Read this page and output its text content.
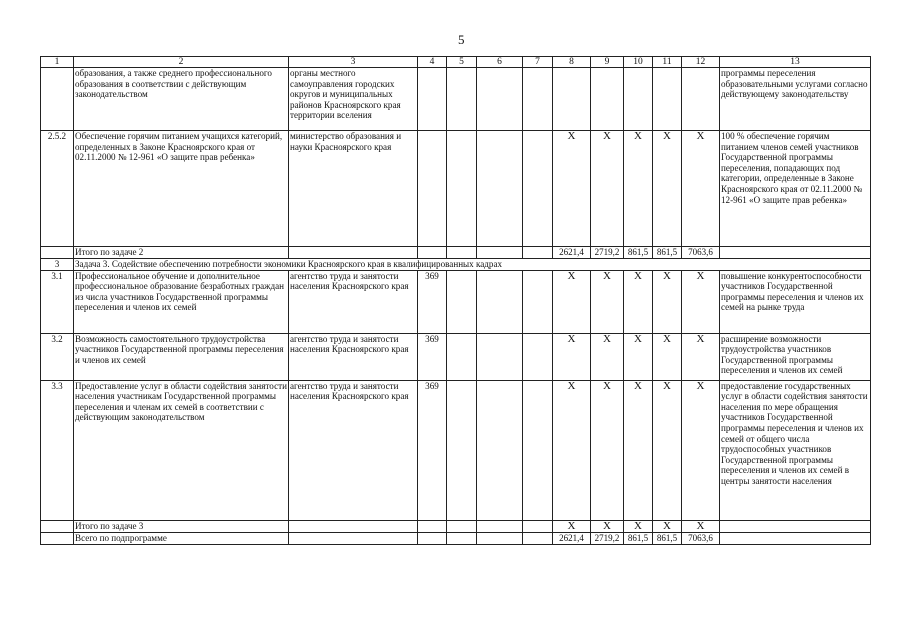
5
1	2	3	4	5	6	7	8	9	10	11	12	13
	образования, а также среднего профессионального образования в соответствии с действующим законодательством	органы местного самоуправления городских округов и муниципальных районов Красноярского края территории вселения										программы переселения образовательными услугами согласно действующему законодательству
2.5.2	Обеспечение горячим питанием учащихся категорий, определенных в Законе Красноярского края от 02.11.2000 № 12-961 «О защите прав ребенка»	министерство образования и науки Красноярского края					X	X	X	X	X	100 % обеспечение горячим питанием членов семей участников Государственной программы переселения, попадающих под категории, определенные в Законе Красноярского края от 02.11.2000 № 12-961 «О защите прав ребенка»
	Итого по задаче 2						2621,4	2719,2	861,5	861,5	7063,6	
3	Задача 3. Содействие обеспечению потребности экономики Красноярского края в квалифицированных кадрах											
3.1	Профессиональное обучение и дополнительное профессиональное образование безработных граждан из числа участников Государственной программы переселения и членов их семей	агентство труда и занятости населения Красноярского края	369				X	X	X	X	X	повышение конкурентоспособности участников Государственной программы переселения и членов их семей на рынке труда
3.2	Возможность самостоятельного трудоустройства участников Государственной программы переселения и членов их семей	агентство труда и занятости населения Красноярского края	369				X	X	X	X	X	расширение возможности трудоустройства участников Государственной программы переселения и членов их семей
3.3	Предоставление услуг в области содействия занятости населения участникам Государственной программы переселения и членам их семей в соответствии с действующим законодательством	агентство труда и занятости населения Красноярского края	369				X	X	X	X	X	предоставление государственных услуг в области содействия занятости населения по мере обращения участников Государственной программы переселения и членов их семей от общего числа трудоспособных участников Государственной программы переселения и членов их семей в центры занятости населения
	Итого по задаче 3						X	X	X	X	X	
	Всего по подпрограмме						2621,4	2719,2	861,5	861,5	7063,6	
